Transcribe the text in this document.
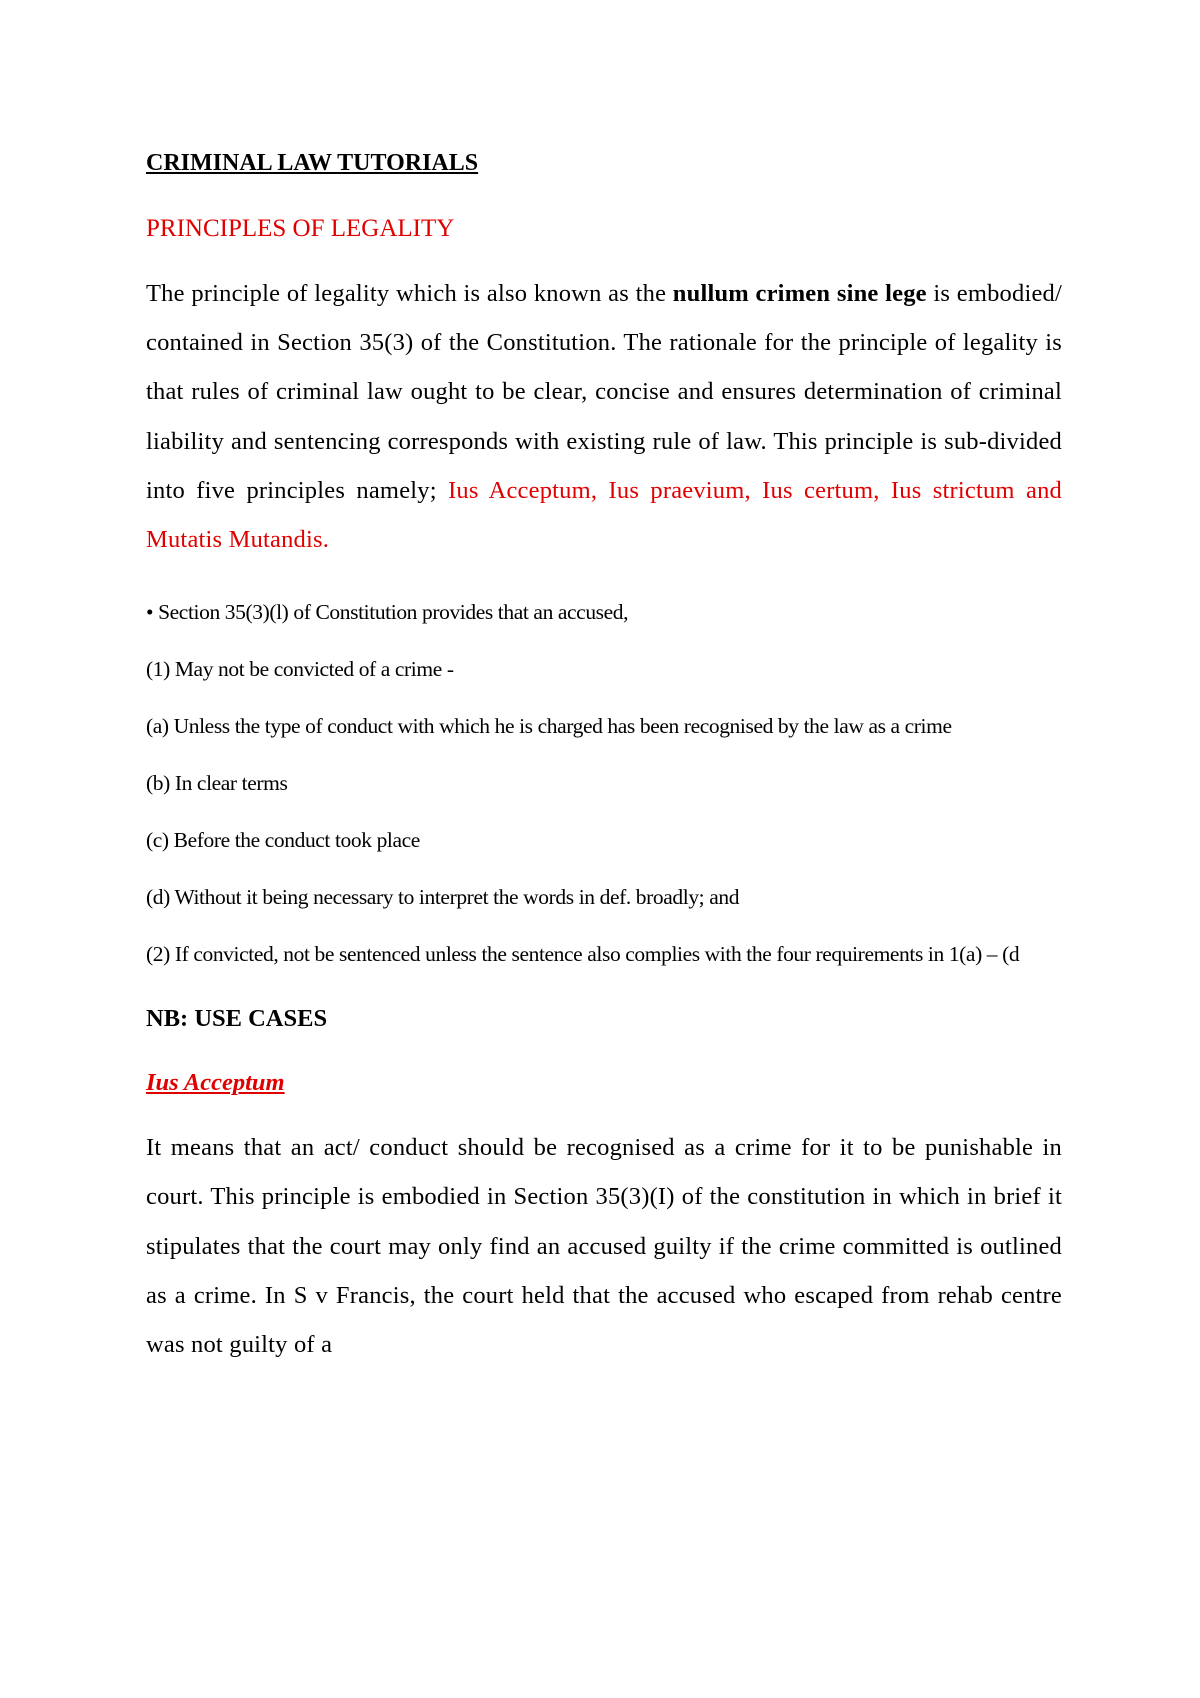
CRIMINAL LAW TUTORIALS

PRINCIPLES OF LEGALITY

The principle of legality which is also known as the nullum crimen sine lege is embodied/ contained in Section 35(3) of the Constitution. The rationale for the principle of legality is that rules of criminal law ought to be clear, concise and ensures determination of criminal liability and sentencing corresponds with existing rule of law. This principle is sub-divided into five principles namely; Ius Acceptum, Ius praevium, Ius certum, Ius strictum and Mutatis Mutandis.

• Section 35(3)(l) of Constitution provides that an accused,

(1) May not be convicted of a crime -

(a) Unless the type of conduct with which he is charged has been recognised by the law as a crime

(b) In clear terms

(c) Before the conduct took place

(d) Without it being necessary to interpret the words in def. broadly; and

(2) If convicted, not be sentenced unless the sentence also complies with the four requirements in 1(a) – (d

NB: USE CASES

Ius Acceptum

It means that an act/ conduct should be recognised as a crime for it to be punishable in court. This principle is embodied in Section 35(3)(I) of the constitution in which in brief it stipulates that the court may only find an accused guilty if the crime committed is outlined as a crime. In S v Francis, the court held that the accused who escaped from rehab centre was not guilty of a
